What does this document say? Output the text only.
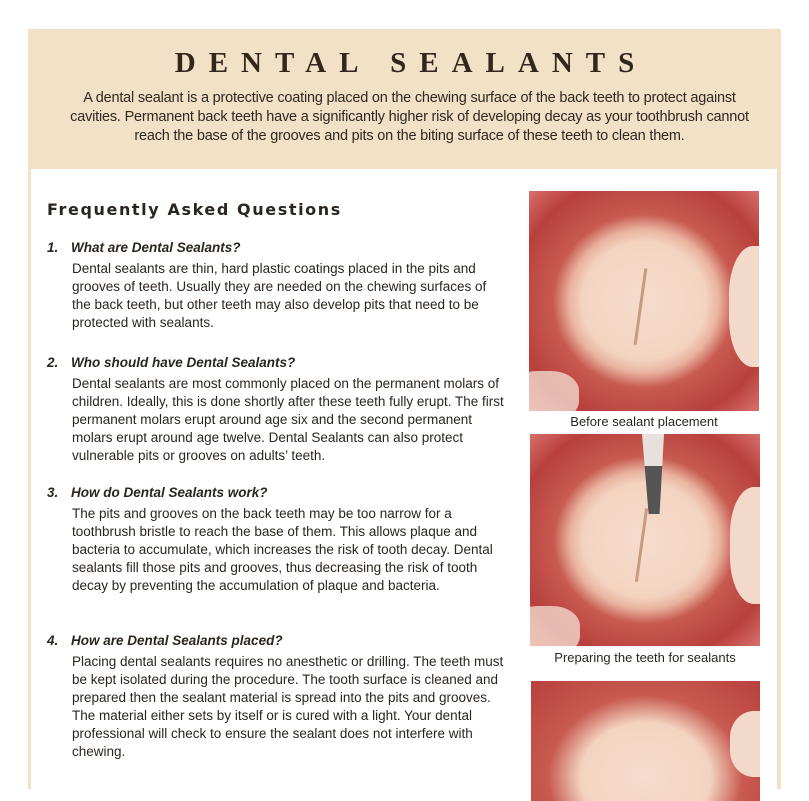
DENTAL SEALANTS

A dental sealant is a protective coating placed on the chewing surface of the back teeth to protect against cavities. Permanent back teeth have a significantly higher risk of developing decay as your toothbrush cannot reach the base of the grooves and pits on the biting surface of these teeth to clean them.

Frequently Asked Questions
1. What are Dental Sealants?

Dental sealants are thin, hard plastic coatings placed in the pits and grooves of teeth. Usually they are needed on the chewing surfaces of the back teeth, but other teeth may also develop pits that need to be protected with sealants.

2. Who should have Dental Sealants?

Dental sealants are most commonly placed on the permanent molars of children. Ideally, this is done shortly after these teeth fully erupt. The first permanent molars erupt around age six and the second permanent molars erupt around age twelve. Dental Sealants can also protect vulnerable pits or grooves on adults’ teeth.

3. How do Dental Sealants work?

The pits and grooves on the back teeth may be too narrow for a toothbrush bristle to reach the base of them. This allows plaque and bacteria to accumulate, which increases the risk of tooth decay. Dental sealants fill those pits and grooves, thus decreasing the risk of tooth decay by preventing the accumulation of plaque and bacteria.

4. How are Dental Sealants placed?

Placing dental sealants requires no anesthetic or drilling. The teeth must be kept isolated during the procedure. The tooth surface is cleaned and prepared then the sealant material is spread into the pits and grooves. The material either sets by itself or is cured with a light. Your dental professional will check to ensure the sealant does not interfere with chewing.

Before sealant placement
Preparing the teeth for sealants
